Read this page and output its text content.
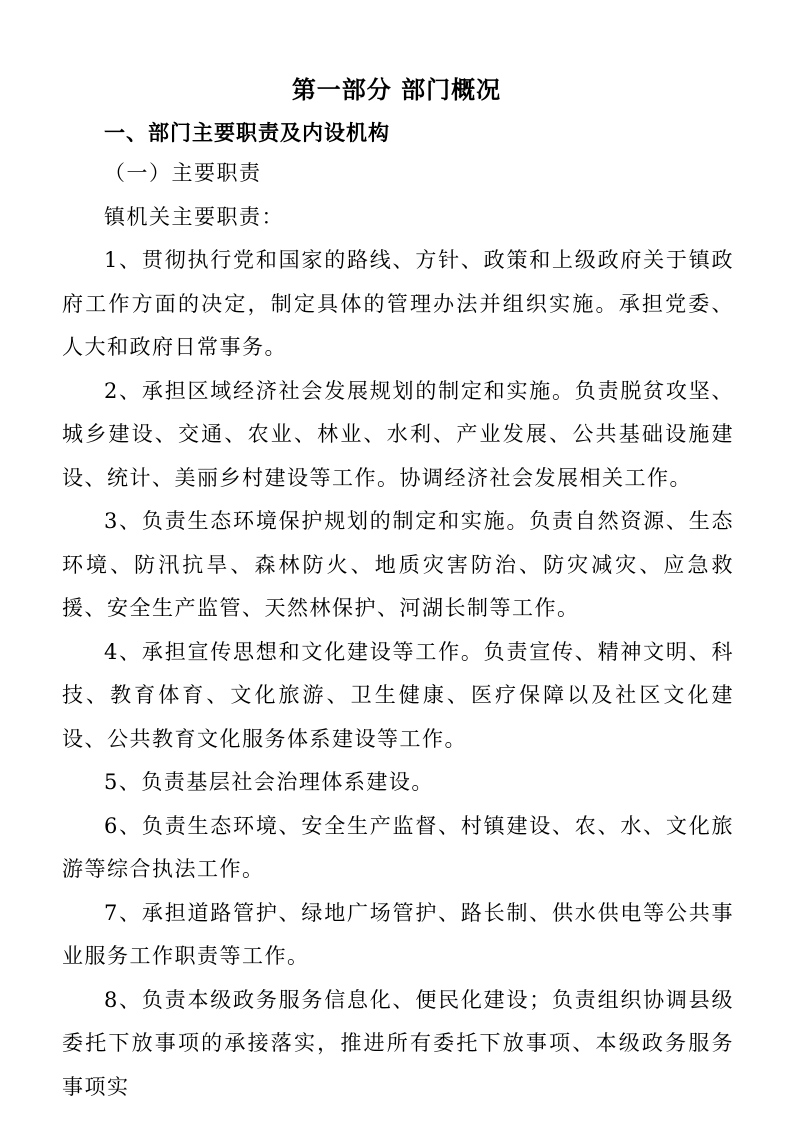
第一部分 部门概况
一、部门主要职责及内设机构

（一）主要职责

镇机关主要职责：

1、贯彻执行党和国家的路线、方针、政策和上级政府关于镇政府工作方面的决定，制定具体的管理办法并组织实施。承担党委、人大和政府日常事务。

2、承担区域经济社会发展规划的制定和实施。负责脱贫攻坚、城乡建设、交通、农业、林业、水利、产业发展、公共基础设施建设、统计、美丽乡村建设等工作。协调经济社会发展相关工作。

3、负责生态环境保护规划的制定和实施。负责自然资源、生态环境、防汛抗旱、森林防火、地质灾害防治、防灾减灾、应急救援、安全生产监管、天然林保护、河湖长制等工作。

4、承担宣传思想和文化建设等工作。负责宣传、精神文明、科技、教育体育、文化旅游、卫生健康、医疗保障以及社区文化建设、公共教育文化服务体系建设等工作。

5、负责基层社会治理体系建设。

6、负责生态环境、安全生产监督、村镇建设、农、水、文化旅游等综合执法工作。

7、承担道路管护、绿地广场管护、路长制、供水供电等公共事业服务工作职责等工作。

8、负责本级政务服务信息化、便民化建设；负责组织协调县级委托下放事项的承接落实，推进所有委托下放事项、本级政务服务事项实
